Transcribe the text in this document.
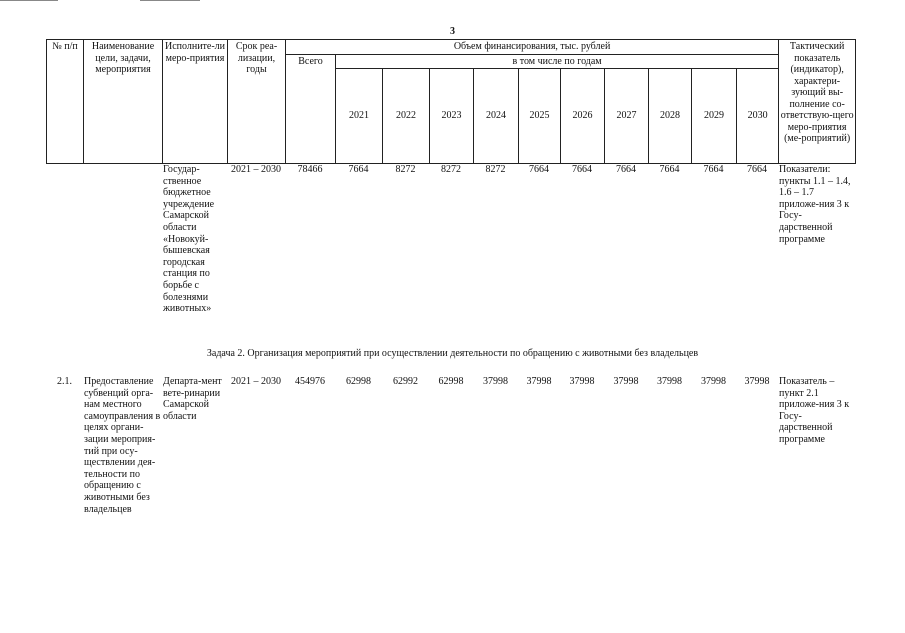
3
№ п/п	Наименование цели, задачи, мероприятия	Исполните-ли меро-приятия	Срок реа-лизации, годы	Объем финансирования, тыс. рублей											Тактический показатель (индикатор), характери-зующий вы-полнение со-ответствую-щего меро-приятия (ме-роприятий)
				Всего	в том числе по годам										
					2021	2022	2023	2024	2025	2026	2027	2028	2029	2030	
		Государ-ственное бюджетное учреждение Самарской области «Новокуй-бышевская городская станция по борьбе с болезнями животных»	2021 – 2030	78466	7664	8272	8272	8272	7664	7664	7664	7664	7664	7664	Показатели: пункты 1.1 – 1.4, 1.6 – 1.7 приложе-ния 3 к Госу-дарственной программе
Задача 2. Организация мероприятий при осуществлении деятельности по обращению с животными без владельцев
2.1.	Предоставление субвенций орга-нам местного самоуправления в целях органи-зации мероприя-тий при осу-ществлении дея-тельности по обращению с животными без владельцев	Департа-мент вете-ринарии Самарской области	2021 – 2030	454976	62998	62992	62998	37998	37998	37998	37998	37998	37998	37998	Показатель – пункт 2.1 приложе-ния 3 к Госу-дарственной программе
